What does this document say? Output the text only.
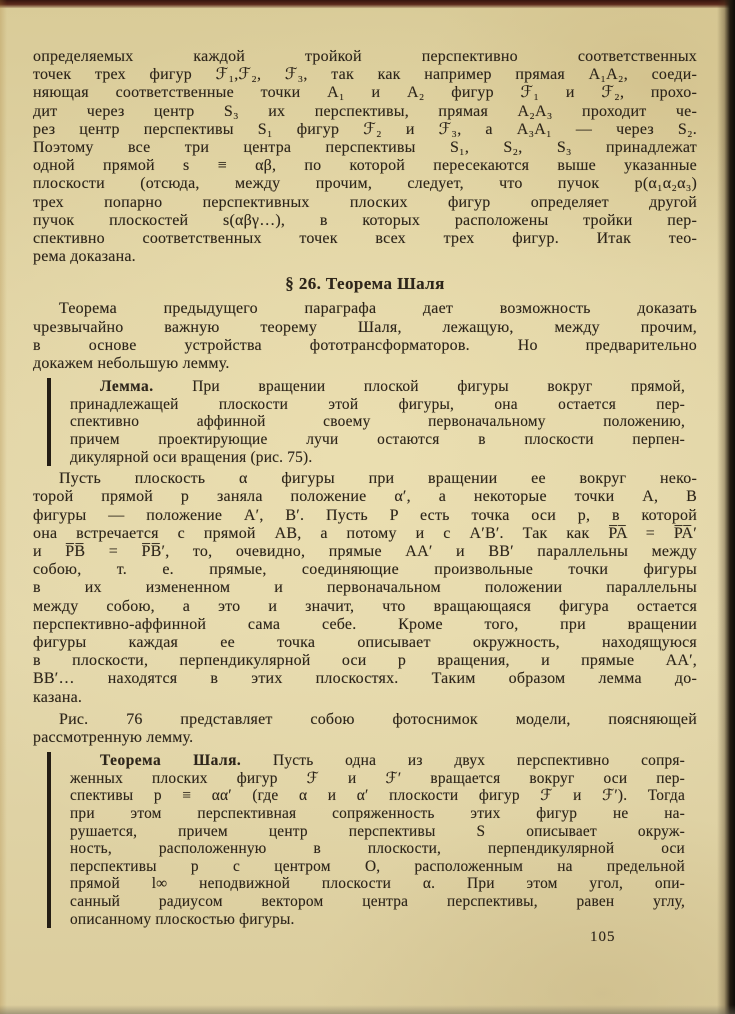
определяемых каждой тройкой перспективно соответственных
точек трех фигур ℱ₁,ℱ₂, ℱ₃, так как например прямая A₁A₂, соеди-
няющая соответственные точки A₁ и A₂ фигур ℱ₁ и ℱ₂, прохо-
дит через центр S₃ их перспективы, прямая A₂A₃ проходит че-
рез центр перспективы S₁ фигур ℱ₂ и ℱ₃, а A₃A₁ — через S₂.
Поэтому все три центра перспективы S₁, S₂, S₃ принадлежат
одной прямой s ≡ αβ, по которой пересекаются выше указанные
плоскости (отсюда, между прочим, следует, что пучок p(α₁α₂α₃)
трех попарно перспективных плоских фигур определяет другой
пучок плоскостей s(αβγ…), в которых расположены тройки пер-
спективно соответственных точек всех трех фигур. Итак тео-
рема доказана.
§ 26. Теорема Шаля
Теорема предыдущего параграфа дает возможность доказать
чрезвычайно важную теорему Шаля, лежащую, между прочим,
в основе устройства фототрансформаторов. Но предварительно
докажем небольшую лемму.
Лемма. При вращении плоской фигуры вокруг прямой,
принадлежащей плоскости этой фигуры, она остается пер-
спективно аффинной своему первоначальному положению,
причем проектирующие лучи остаются в плоскости перпен-
дикулярной оси вращения (рис. 75).
Пусть плоскость α фигуры при вращении ее вокруг неко-
торой прямой p заняла положение α′, а некоторые точки A, B
фигуры — положение A′, B′. Пусть P есть точка оси p, в которой
она встречается с прямой AB, а потому и с A′B′. Так как P̅A̅ = P̅A̅′
и P̅B̅ = P̅B̅′, то, очевидно, прямые AA′ и BB′ параллельны между
собою, т. е. прямые, соединяющие произвольные точки фигуры
в их измененном и первоначальном положении параллельны
между собою, а это и значит, что вращающаяся фигура остается
перспективно-аффинной сама себе. Кроме того, при вращении
фигуры каждая ее точка описывает окружность, находящуюся
в плоскости, перпендикулярной оси p вращения, и прямые AA′,
BB′… находятся в этих плоскостях. Таким образом лемма до-
казана.
Рис. 76 представляет собою фотоснимок модели, поясняющей
рассмотренную лемму.
Теорема Шаля. Пусть одна из двух перспективно сопря-
женных плоских фигур ℱ и ℱ′ вращается вокруг оси пер-
спективы p ≡ αα′ (где α и α′ плоскости фигур ℱ и ℱ′). Тогда
при этом перспективная сопряженность этих фигур не на-
рушается, причем центр перспективы S описывает окруж-
ность, расположенную в плоскости, перпендикулярной оси
перспективы p с центром O, расположенным на предельной
прямой l∞ неподвижной плоскости α. При этом угол, опи-
санный радиусом вектором центра перспективы, равен углу,
описанному плоскостью фигуры.
105
